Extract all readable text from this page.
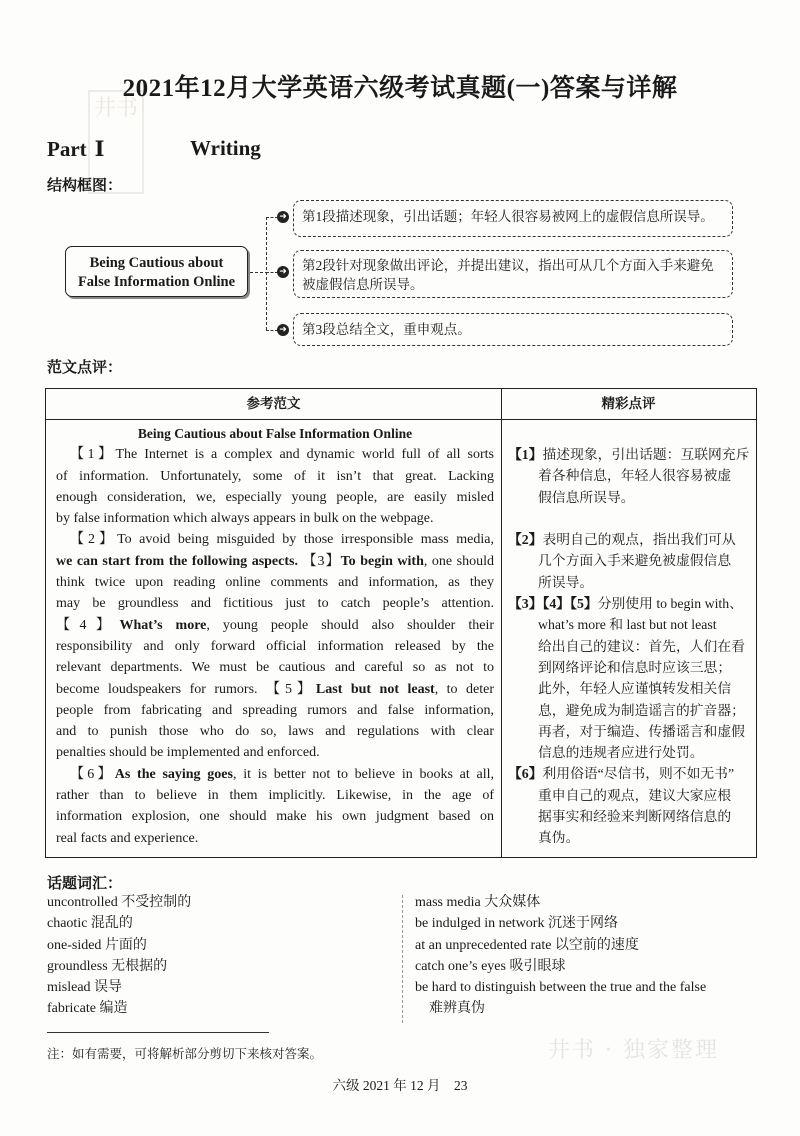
井书
2021年12月大学英语六级考试真题(一)答案与详解
Part Ⅰ	Writing
结构框图：
Being Cautious about
False Information Online
➜
➜
➜
第1段描述现象，引出话题；年轻人很容易被网上的虚假信息所误导。
第2段针对现象做出评论，并提出建议，指出可从几个方面入手来避免被虚假信息所误导。
第3段总结全文，重申观点。
范文点评：
参考范文	精彩点评
Being Cautious about False Information Online
【1】The Internet is a complex and dynamic world full of all sorts
of information. Unfortunately, some of it isn’t that great. Lacking
enough consideration, we, especially young people, are easily misled
by false information which always appears in bulk on the webpage.
【2】To avoid being misguided by those irresponsible mass media,
we can start from the following aspects. 【3】To begin with, one should
think twice upon reading online comments and information, as they
may be groundless and fictitious just to catch people’s attention.
【4】What’s more, young people should also shoulder their
responsibility and only forward official information released by the
relevant departments. We must be cautious and careful so as not to
become loudspeakers for rumors. 【5】Last but not least, to deter
people from fabricating and spreading rumors and false information,
and to punish those who do so, laws and regulations with clear
penalties should be implemented and enforced.
【6】As the saying goes, it is better not to believe in books at all,
rather than to believe in them implicitly. Likewise, in the age of
information explosion, one should make his own judgment based on
real facts and experience.
【1】描述现象，引出话题：互联网充斥
着各种信息，年轻人很容易被虚
假信息所误导。
【2】表明自己的观点，指出我们可从
几个方面入手来避免被虚假信息
所误导。
【3】【4】【5】分别使用 to begin with、
what’s more 和 last but not least
给出自己的建议：首先，人们在看
到网络评论和信息时应该三思；
此外，年轻人应谨慎转发相关信
息，避免成为制造谣言的扩音器；
再者，对于编造、传播谣言和虚假
信息的违规者应进行处罚。
【6】利用俗语“尽信书，则不如无书”
重申自己的观点，建议大家应根
据事实和经验来判断网络信息的
真伪。
话题词汇：
uncontrolled 不受控制的
chaotic 混乱的
one-sided 片面的
groundless 无根据的
mislead 误导
fabricate 编造
mass media 大众媒体
be indulged in network 沉迷于网络
at an unprecedented rate 以空前的速度
catch one’s eyes 吸引眼球
be hard to distinguish between the true and the false
难辨真伪
注：如有需要，可将解析部分剪切下来核对答案。	井书 · 独家整理
六级 2021 年 12 月　23
